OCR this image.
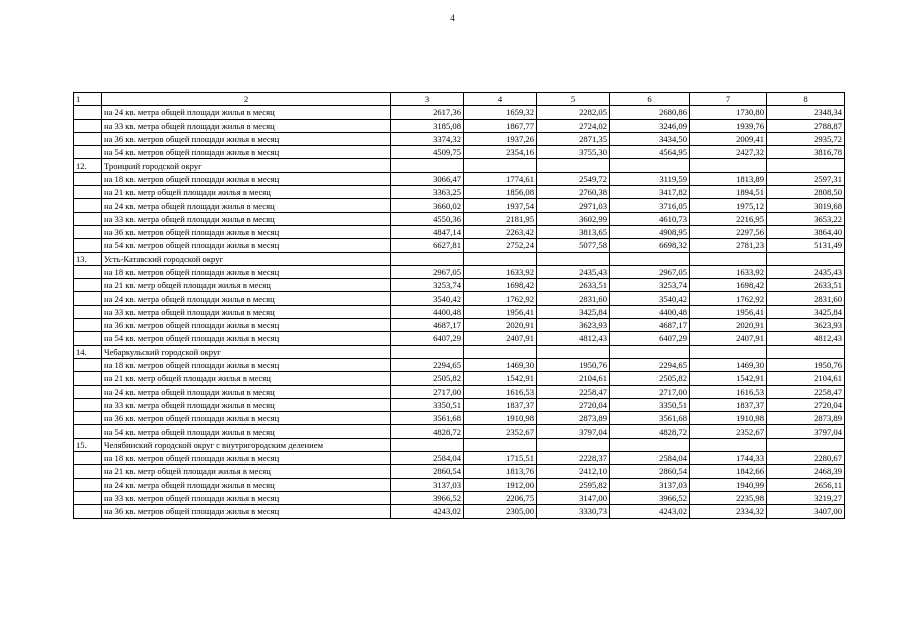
4
1	2	3	4	5	6	7	8
	на 24 кв. метра общей площади жилья в месяц	2617,36	1659,32	2282,05	2680,86	1730,80	2348,34
	на 33 кв. метра общей площади жилья в месяц	3185,08	1867,77	2724,02	3246,09	1939,76	2788,87
	на 36 кв. метров общей площади жилья в месяц	3374,32	1937,26	2871,35	3434,50	2009,41	2935,72
	на 54 кв. метров общей площади жилья в месяц	4509,75	2354,16	3755,30	4564,95	2427,32	3816,78
12.	Троицкий городской округ						
	на 18 кв. метров общей площади жилья в месяц	3066,47	1774,61	2549,72	3119,59	1813,89	2597,31
	на 21 кв. метр общей площади жилья в месяц	3363,25	1856,08	2760,38	3417,82	1894,51	2808,50
	на 24 кв. метра общей площади жилья в месяц	3660,02	1937,54	2971,03	3716,05	1975,12	3019,68
	на 33 кв. метра общей площади жилья в месяц	4550,36	2181,95	3602,99	4610,73	2216,95	3653,22
	на 36 кв. метров общей площади жилья в месяц	4847,14	2263,42	3813,65	4908,95	2297,56	3864,40
	на 54 кв. метров общей площади жилья в месяц	6627,81	2752,24	5077,58	6698,32	2781,23	5131,49
13.	Усть-Катавский городской округ						
	на 18 кв. метров общей площади жилья в месяц	2967,05	1633,92	2435,43	2967,05	1633,92	2435,43
	на 21 кв. метр общей площади жилья в месяц	3253,74	1698,42	2633,51	3253,74	1698,42	2633,51
	на 24 кв. метра общей площади жилья в месяц	3540,42	1762,92	2831,60	3540,42	1762,92	2831,60
	на 33 кв. метра общей площади жилья в месяц	4400,48	1956,41	3425,84	4400,48	1956,41	3425,84
	на 36 кв. метров общей площади жилья в месяц	4687,17	2020,91	3623,93	4687,17	2020,91	3623,93
	на 54 кв. метров общей площади жилья в месяц	6407,29	2407,91	4812,43	6407,29	2407,91	4812,43
14.	Чебаркульский городской округ						
	на 18 кв. метров общей площади жилья в месяц	2294,65	1469,30	1950,76	2294,65	1469,30	1950,76
	на 21 кв. метр общей площади жилья в месяц	2505,82	1542,91	2104,61	2505,82	1542,91	2104,61
	на 24 кв. метра общей площади жилья в месяц	2717,00	1616,53	2258,47	2717,00	1616,53	2258,47
	на 33 кв. метра общей площади жилья в месяц	3350,51	1837,37	2720,04	3350,51	1837,37	2720,04
	на 36 кв. метров общей площади жилья в месяц	3561,68	1910,98	2873,89	3561,68	1910,98	2873,89
	на 54 кв. метра общей площади жилья в месяц	4828,72	2352,67	3797,04	4828,72	2352,67	3797,04
15.	Челябинский городской округ с внутригородским делением						
	на 18 кв. метров общей площади жилья в месяц	2584,04	1715,51	2228,37	2584,04	1744,33	2280,67
	на 21 кв. метр общей площади жилья в месяц	2860,54	1813,76	2412,10	2860,54	1842,66	2468,39
	на 24 кв. метра общей площади жилья в месяц	3137,03	1912,00	2595,82	3137,03	1940,99	2656,11
	на 33 кв. метров общей площади жилья в месяц	3966,52	2206,75	3147,00	3966,52	2235,98	3219,27
	на 36 кв. метров общей площади жилья в месяц	4243,02	2305,00	3330,73	4243,02	2334,32	3407,00
